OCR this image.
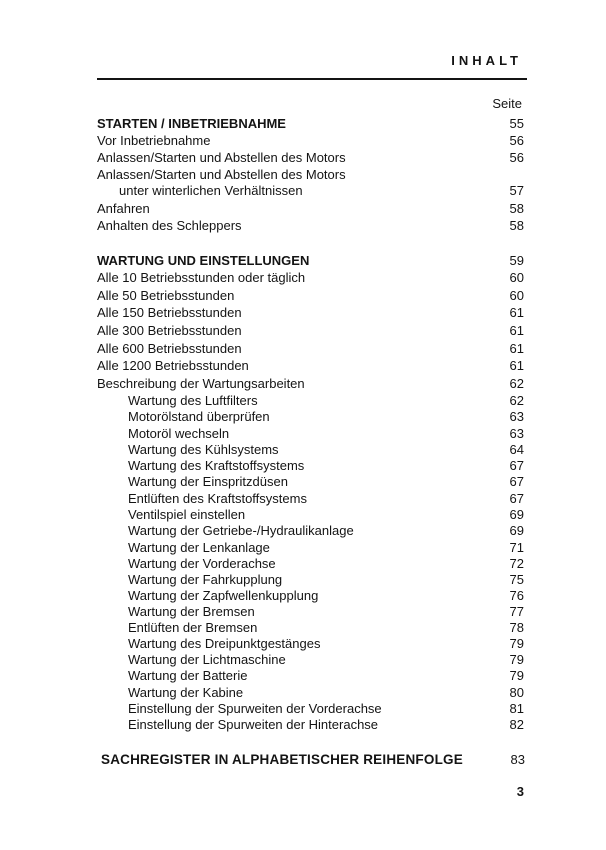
INHALT
Seite
STARTEN / INBETRIEBNAHME	55
Vor Inbetriebnahme	56
Anlassen/Starten und Abstellen des Motors	56
Anlassen/Starten und Abstellen des Motors
unter winterlichen Verhältnissen	57
Anfahren	58
Anhalten des Schleppers	58
WARTUNG UND EINSTELLUNGEN	59
Alle 10 Betriebsstunden oder täglich	60
Alle 50 Betriebsstunden	60
Alle 150 Betriebsstunden	61
Alle 300 Betriebsstunden	61
Alle 600 Betriebsstunden	61
Alle 1200 Betriebsstunden	61
Beschreibung der Wartungsarbeiten	62
Wartung des Luftfilters	62
Motorölstand überprüfen	63
Motoröl wechseln	63
Wartung des Kühlsystems	64
Wartung des Kraftstoffsystems	67
Wartung der Einspritzdüsen	67
Entlüften des Kraftstoffsystems	67
Ventilspiel einstellen	69
Wartung der Getriebe-/Hydraulikanlage	69
Wartung der Lenkanlage	71
Wartung der Vorderachse	72
Wartung der Fahrkupplung	75
Wartung der Zapfwellenkupplung	76
Wartung der Bremsen	77
Entlüften der Bremsen	78
Wartung des Dreipunktgestänges	79
Wartung der Lichtmaschine	79
Wartung der Batterie	79
Wartung der Kabine	80
Einstellung der Spurweiten der Vorderachse	81
Einstellung der Spurweiten der Hinterachse	82
SACHREGISTER IN ALPHABETISCHER REIHENFOLGE	83
3
